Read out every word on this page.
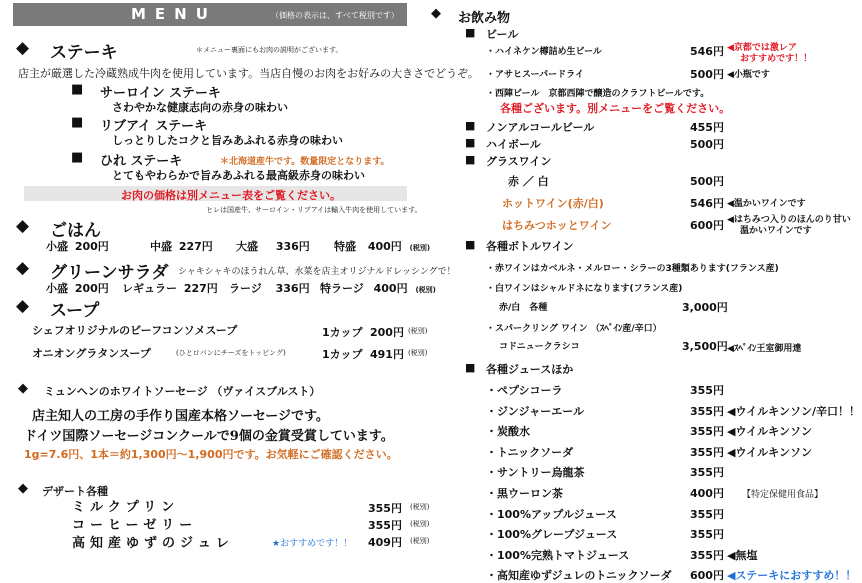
MENU	（価格の表示は、すべて税別です）
◆ ステーキ	＊メニュー裏面にもお肉の説明がございます。
店主が厳選した冷蔵熟成牛肉を使用しています。当店自慢のお肉をお好みの大きさでどうぞ。
■ サーロイン ステーキ
さわやかな健康志向の赤身の味わい
■ リブアイ ステーキ
しっとりしたコクと旨みあふれる赤身の味わい
■ ひれ ステーキ	＊北海道産牛です。数量限定となります。
とてもやわらかで旨みあふれる最高級赤身の味わい
お肉の価格は別メニュー表をご覧ください。
ヒレは国産牛、サーロイン・リブアイは輸入牛肉を使用しています。
◆ ごはん
小盛 200円	中盛 227円 大盛 336円 特盛 400円 (税別)
◆ グリーンサラダ シャキシャキのほうれん草、水菜を店主オリジナルドレッシングで！
小盛 200円 レギュラー 227円 ラージ 336円 特ラージ 400円 (税別)
◆ スープ
シェフオリジナルのビーフコンソメスープ	1カップ 200円 (税別)
オニオングラタンスープ	(ひとロパンにチーズをトッピング)	1カップ 491円 (税別)
◆ ミュンヘンのホワイトソーセージ （ヴァイスブルスト）
店主知人の工房の手作り国産本格ソーセージです。
ドイツ国際ソーセージコンクールで9個の金賞受賞しています。
1g=7.6円、1本＝約1,300円～1,900円です。お気軽にご確認ください。
◆ デザート各種
ミルクプリン	355円 (税別)
コーヒーゼリー	355円 (税別)
高知産ゆずのジュレ	★おすすめです！！ 409円 (税別)
◆ お飲み物
■ ビール
・ハイネケン樽詰め生ビール	546円 ◀京都では激レア
おすすめです！！
・アサヒスーパードライ	500円 ◀小瓶です
・西陣ビール　京都西陣で醸造のクラフトビールです。
各種ございます。別メニューをご覧ください。
■ ノンアルコールビール	455円
■ ハイボール	500円
■ グラスワイン
赤 ／ 白	500円
ホットワイン(赤/白)	546円 ◀温かいワインです
はちみつホッとワイン	600円 ◀はちみつ入りのほんのり甘い
温かいワインです
■ 各種ボトルワイン
・赤ワインはカベルネ・メルロー・シラーの3種類あります(フランス産)
・白ワインはシャルドネになります(フランス産)
赤/白　各種	3,000円
・スパークリング ワイン （ｽﾍﾟｲﾝ産/辛口）
コドニュークラシコ	3,500円 ◀ｽﾍﾟｲﾝ王室御用達
■ 各種ジュースほか
・ペプシコーラ	355円
・ジンジャーエール	355円 ◀ウイルキンソン/辛口！！
・炭酸水	355円 ◀ウイルキンソン
・トニックソーダ	355円 ◀ウイルキンソン
・サントリー烏龍茶	355円
・黒ウーロン茶	400円 【特定保健用食品】
・100%アップルジュース	355円
・100%グレープジュース	355円
・100%完熟トマトジュース	355円 ◀無塩
・高知産ゆずジュレのトニックソーダ 600円 ◀ステーキにおすすめ！！
